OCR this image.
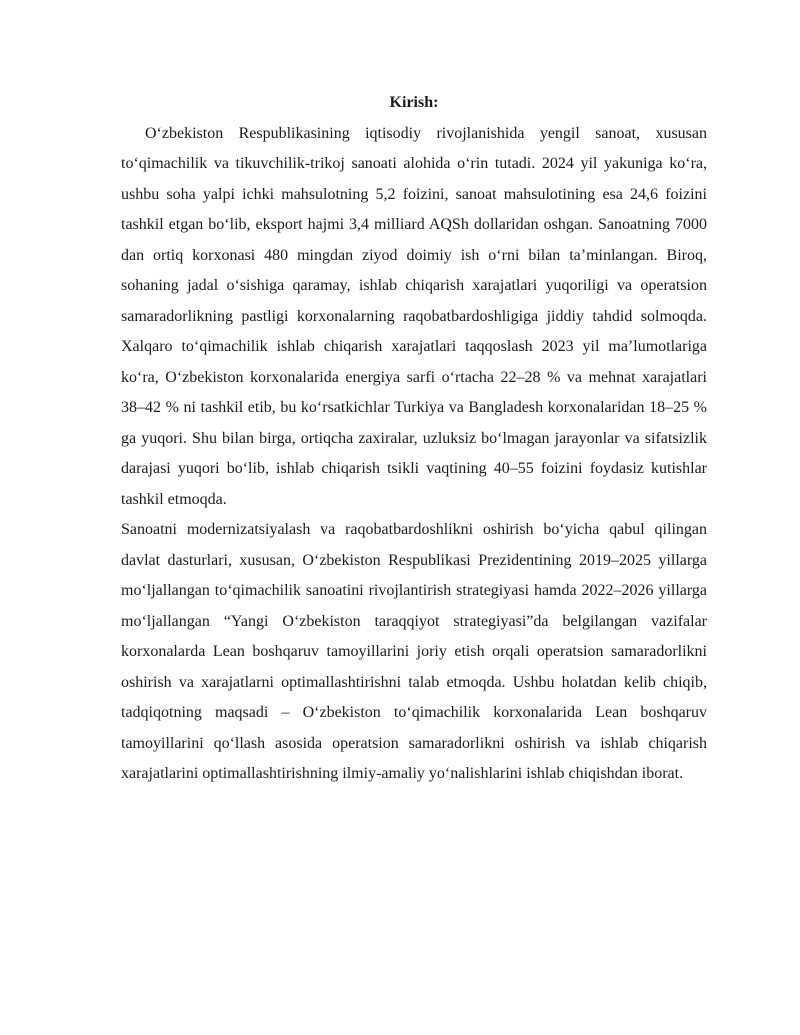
Kirish:

O‘zbekiston Respublikasining iqtisodiy rivojlanishida yengil sanoat, xususan to‘qimachilik va tikuvchilik-trikoj sanoati alohida o‘rin tutadi. 2024 yil yakuniga ko‘ra, ushbu soha yalpi ichki mahsulotning 5,2 foizini, sanoat mahsulotining esa 24,6 foizini tashkil etgan bo‘lib, eksport hajmi 3,4 milliard AQSh dollaridan oshgan. Sanoatning 7000 dan ortiq korxonasi 480 mingdan ziyod doimiy ish o‘rni bilan ta’minlangan. Biroq, sohaning jadal o‘sishiga qaramay, ishlab chiqarish xarajatlari yuqoriligi va operatsion samaradorlikning pastligi korxonalarning raqobatbardoshligiga jiddiy tahdid solmoqda. Xalqaro to‘qimachilik ishlab chiqarish xarajatlari taqqoslash 2023 yil ma’lumotlariga ko‘ra, O‘zbekiston korxonalarida energiya sarfi o‘rtacha 22–28 % va mehnat xarajatlari 38–42 % ni tashkil etib, bu ko‘rsatkichlar Turkiya va Bangladesh korxonalaridan 18–25 % ga yuqori. Shu bilan birga, ortiqcha zaxiralar, uzluksiz bo‘lmagan jarayonlar va sifatsizlik darajasi yuqori bo‘lib, ishlab chiqarish tsikli vaqtining 40–55 foizini foydasiz kutishlar tashkil etmoqda.

Sanoatni modernizatsiyalash va raqobatbardoshlikni oshirish bo‘yicha qabul qilingan davlat dasturlari, xususan, O‘zbekiston Respublikasi Prezidentining 2019–2025 yillarga mo‘ljallangan to‘qimachilik sanoatini rivojlantirish strategiyasi hamda 2022–2026 yillarga mo‘ljallangan “Yangi O‘zbekiston taraqqiyot strategiyasi”da belgilangan vazifalar korxonalarda Lean boshqaruv tamoyillarini joriy etish orqali operatsion samaradorlikni oshirish va xarajatlarni optimallashtirishni talab etmoqda. Ushbu holatdan kelib chiqib, tadqiqotning maqsadi – O‘zbekiston to‘qimachilik korxonalarida Lean boshqaruv tamoyillarini qo‘llash asosida operatsion samaradorlikni oshirish va ishlab chiqarish xarajatlarini optimallashtirishning ilmiy-amaliy yo‘nalishlarini ishlab chiqishdan iborat.
